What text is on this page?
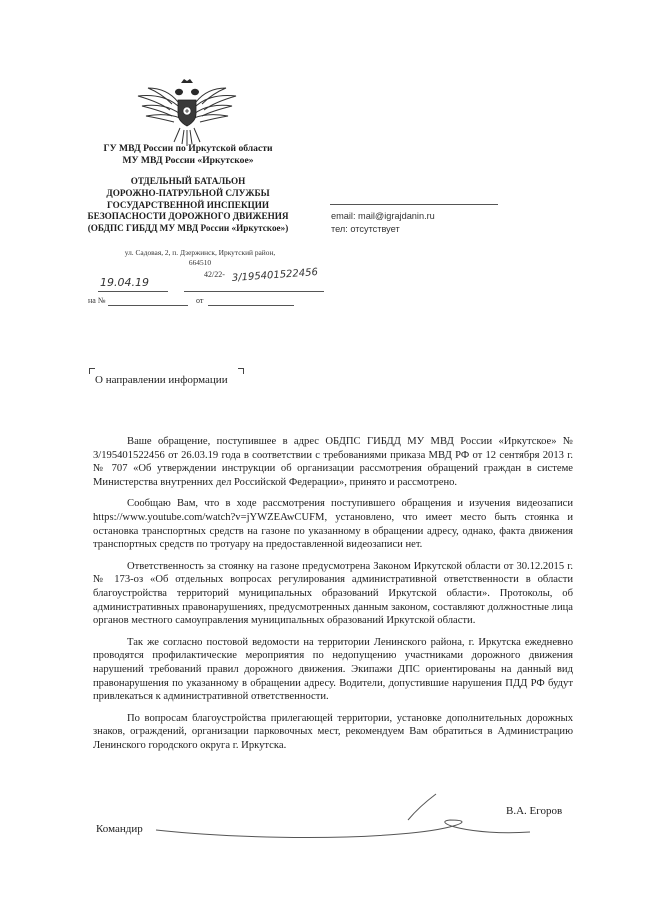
ГУ МВД России по Иркутской области
МУ МВД России «Иркутское»
ОТДЕЛЬНЫЙ БАТАЛЬОН
ДОРОЖНО-ПАТРУЛЬНОЙ СЛУЖБЫ
ГОСУДАРСТВЕННОЙ ИНСПЕКЦИИ
БЕЗОПАСНОСТИ ДОРОЖНОГО ДВИЖЕНИЯ
(ОБДПС ГИБДД МУ МВД России «Иркутское»)
ул. Садовая, 2, п. Дзержинск, Иркутский район,
664510
19.04.19
42/22- 3/195401522456
на №	от
email: mail@igrajdanin.ru
тел: отсутствует
О направлении информации

Ваше обращение, поступившее в адрес ОБДПС ГИБДД МУ МВД России «Иркутское» № 3/195401522456 от 26.03.19 года в соответствии с требованиями приказа МВД РФ от 12 сентября 2013 г. № 707 «Об утверждении инструкции об организации рассмотрения обращений граждан в системе Министерства внутренних дел Российской Федерации», принято и рассмотрено.

Сообщаю Вам, что в ходе рассмотрения поступившего обращения и изучения видеозаписи https://www.youtube.com/watch?v=jYWZEAwCUFM, установлено, что имеет место быть стоянка и остановка транспортных средств на газоне по указанному в обращении адресу, однако, факта движения транспортных средств по тротуару на предоставленной видеозаписи нет.

Ответственность за стоянку на газоне предусмотрена Законом Иркутской области от 30.12.2015 г. № 173-оз «Об отдельных вопросах регулирования административной ответственности в области благоустройства территорий муниципальных образований Иркутской области». Протоколы, об административных правонарушениях, предусмотренных данным законом, составляют должностные лица органов местного самоуправления муниципальных образований Иркутской области.

Так же согласно постовой ведомости на территории Ленинского района, г. Иркутска ежедневно проводятся профилактические мероприятия по недопущению участниками дорожного движения нарушений требований правил дорожного движения. Экипажи ДПС ориентированы на данный вид правонарушения по указанному в обращении адресу. Водители, допустившие нарушения ПДД РФ будут привлекаться к административной ответственности.

По вопросам благоустройства прилегающей территории, установке дополнительных дорожных знаков, ограждений, организации парковочных мест, рекомендуем Вам обратиться в Администрацию Ленинского городского округа г. Иркутска.

Командир
В.А. Егоров
